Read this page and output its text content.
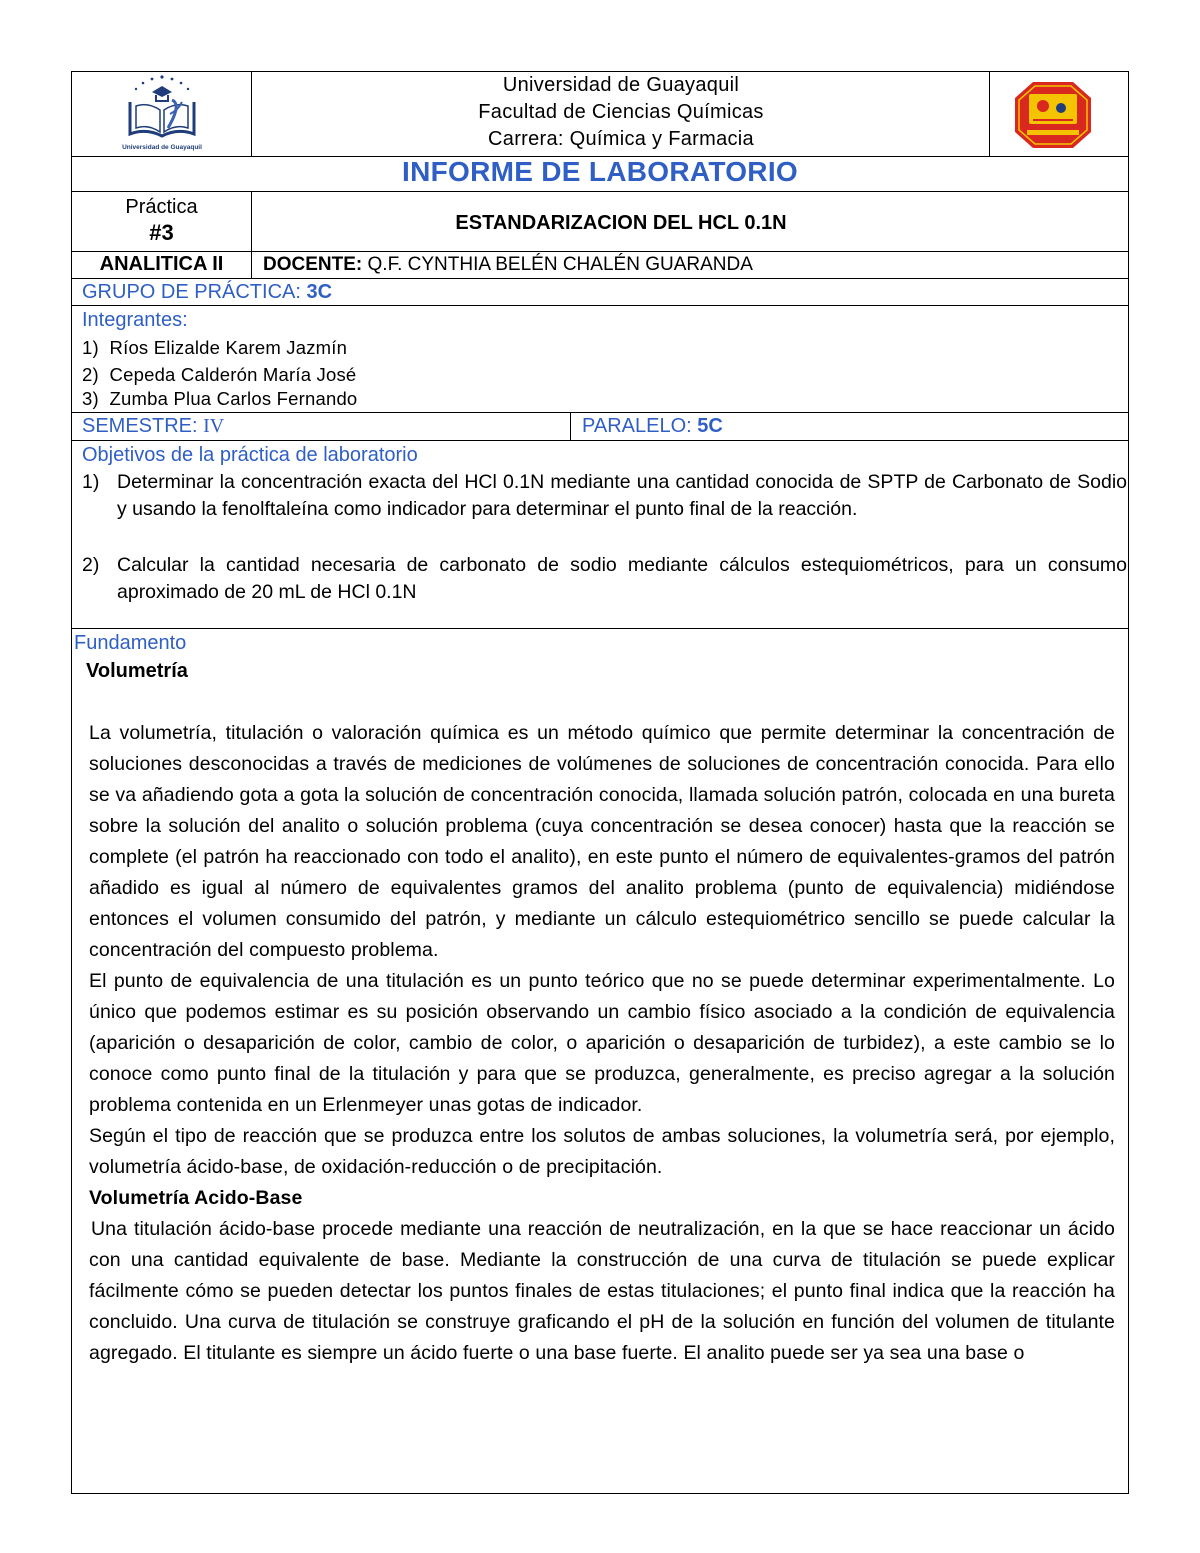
Universidad de Guayaquil
Universidad de Guayaquil
Facultad de Ciencias Químicas
Carrera: Química y Farmacia
INFORME DE LABORATORIO
Práctica
#3	ESTANDARIZACION DEL HCL 0.1N
ANALITICA II	DOCENTE: Q.F. CYNTHIA BELÉN CHALÉN GUARANDA
GRUPO DE PRÁCTICA: 3C
Integrantes:
1) Ríos Elizalde Karem Jazmín
2) Cepeda Calderón María José
3) Zumba Plua Carlos Fernando
SEMESTRE: IV	PARALELO: 5C
Objetivos de la práctica de laboratorio
1) Determinar la concentración exacta del HCl 0.1N mediante una cantidad conocida de SPTP de Carbonato de Sodio y usando la fenolftaleína como indicador para determinar el punto final de la reacción.
2) Calcular la cantidad necesaria de carbonato de sodio mediante cálculos estequiométricos, para un consumo aproximado de 20 mL de HCl 0.1N
Fundamento
Volumetría

La volumetría, titulación o valoración química es un método químico que permite determinar la concentración de soluciones desconocidas a través de mediciones de volúmenes de soluciones de concentración conocida. Para ello se va añadiendo gota a gota la solución de concentración conocida, llamada solución patrón, colocada en una bureta sobre la solución del analito o solución problema (cuya concentración se desea conocer) hasta que la reacción se complete (el patrón ha reaccionado con todo el analito), en este punto el número de equivalentes-gramos del patrón añadido es igual al número de equivalentes gramos del analito problema (punto de equivalencia) midiéndose entonces el volumen consumido del patrón, y mediante un cálculo estequiométrico sencillo se puede calcular la concentración del compuesto problema.

El punto de equivalencia de una titulación es un punto teórico que no se puede determinar experimentalmente. Lo único que podemos estimar es su posición observando un cambio físico asociado a la condición de equivalencia (aparición o desaparición de color, cambio de color, o aparición o desaparición de turbidez), a este cambio se lo conoce como punto final de la titulación y para que se produzca, generalmente, es preciso agregar a la solución problema contenida en un Erlenmeyer unas gotas de indicador.

Según el tipo de reacción que se produzca entre los solutos de ambas soluciones, la volumetría será, por ejemplo, volumetría ácido-base, de oxidación-reducción o de precipitación.

Volumetría Acido-Base

Una titulación ácido-base procede mediante una reacción de neutralización, en la que se hace reaccionar un ácido con una cantidad equivalente de base. Mediante la construcción de una curva de titulación se puede explicar fácilmente cómo se pueden detectar los puntos finales de estas titulaciones; el punto final indica que la reacción ha concluido. Una curva de titulación se construye graficando el pH de la solución en función del volumen de titulante agregado. El titulante es siempre un ácido fuerte o una base fuerte. El analito puede ser ya sea una base o
